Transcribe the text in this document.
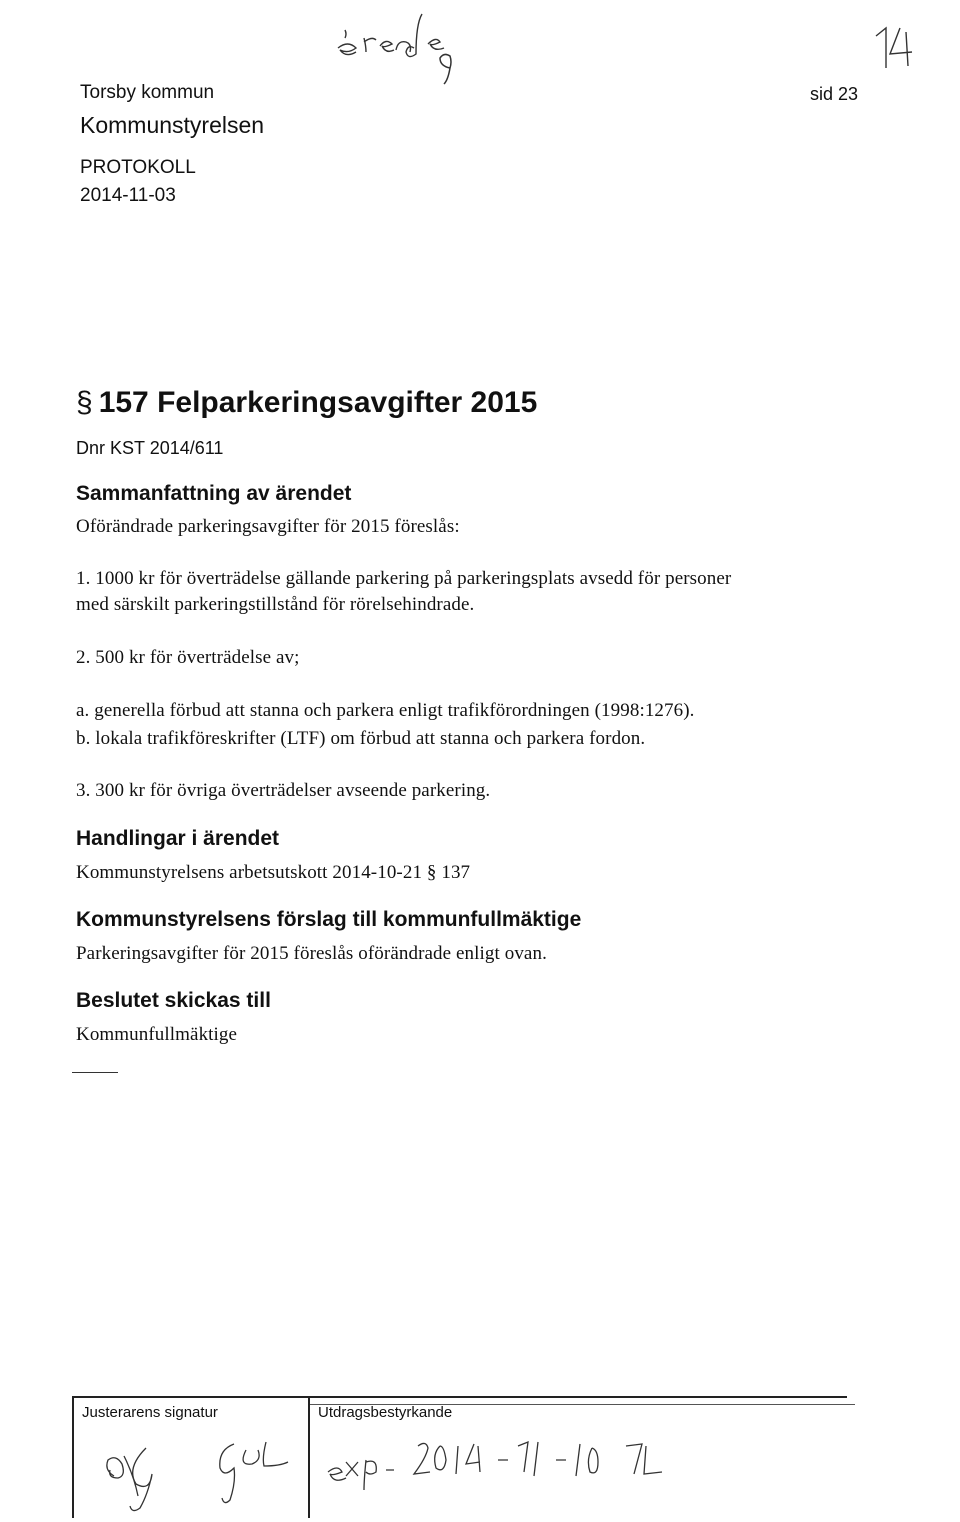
Torsby kommun
Kommunstyrelsen
PROTOKOLL
2014-11-03
sid 23
§ 157 Felparkeringsavgifter 2015
Dnr KST 2014/611
Sammanfattning av ärendet
Oförändrade parkeringsavgifter för 2015 föreslås:
1. 1000 kr för överträdelse gällande parkering på parkeringsplats avsedd för personer
med särskilt parkeringstillstånd för rörelsehindrade.
2. 500 kr för överträdelse av;
a. generella förbud att stanna och parkera enligt trafikförordningen (1998:1276).
b. lokala trafikföreskrifter (LTF) om förbud att stanna och parkera fordon.
3. 300 kr för övriga överträdelser avseende parkering.
Handlingar i ärendet
Kommunstyrelsens arbetsutskott 2014-10-21 § 137
Kommunstyrelsens förslag till kommunfullmäktige
Parkeringsavgifter för 2015 föreslås oförändrade enligt ovan.
Beslutet skickas till
Kommunfullmäktige
Justerarens signatur	Utdragsbestyrkande
